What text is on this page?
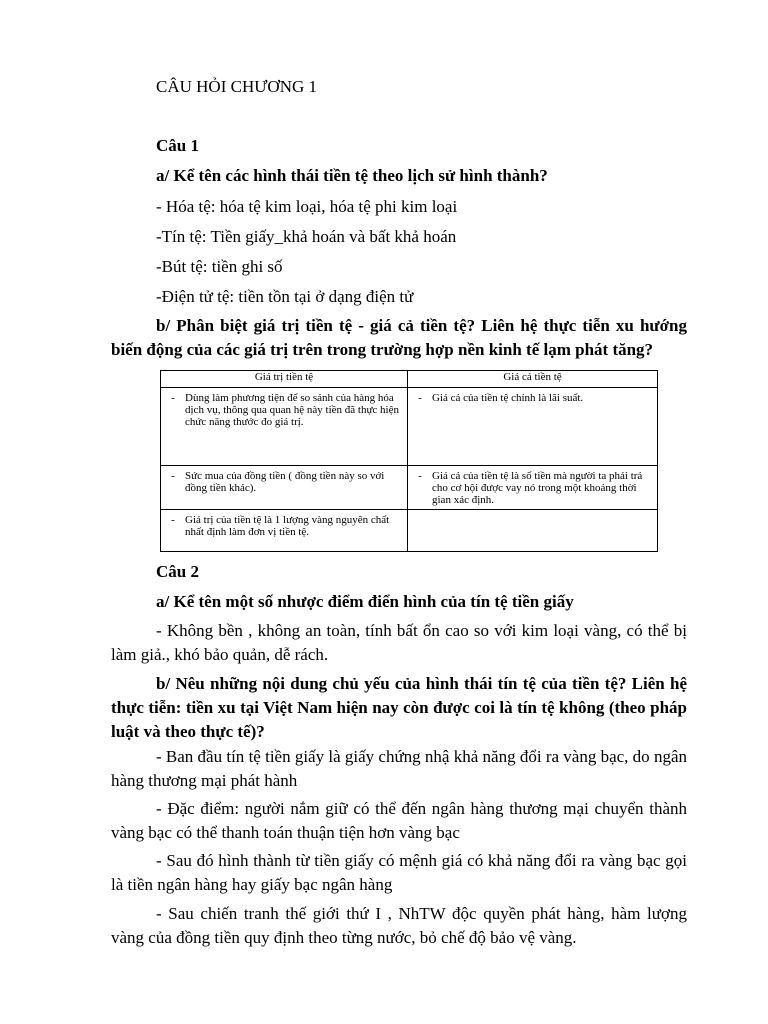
CÂU HỎI CHƯƠNG 1
Câu 1
a/ Kể tên các hình thái tiền tệ theo lịch sử hình thành?
- Hóa tệ: hóa tệ kim loại, hóa tệ phi kim loại
-Tín tệ: Tiền giấy_khả hoán và bất khả hoán
-Bút tệ: tiền ghi số
-Điện tử tệ: tiền tồn tại ở dạng điện tử
b/ Phân biệt giá trị tiền tệ - giá cả tiền tệ? Liên hệ thực tiễn xu hướng biến động của các giá trị trên trong trường hợp nền kinh tế lạm phát tăng?
Giá trị tiền tệ	Giá cả tiền tệ

- Dùng làm phương tiện để so sánh của hàng hóa dịch vụ, thông qua quan hệ này tiền đã thực hiện chức năng thước đo giá trị.	- Giá cả của tiền tệ chính là lãi suất.

- Sức mua của đồng tiền ( đồng tiền này so với đồng tiền khác).	- Giá cả của tiền tệ là số tiền mà người ta phải trả cho cơ hội được vay nó trong một khoảng thời gian xác định.

- Giá trị của tiền tệ là 1 lượng vàng nguyên chất nhất định làm đơn vị tiền tệ.	

Câu 2
a/ Kể tên một số nhược điểm điển hình của tín tệ tiền giấy
- Không bền , không an toàn, tính bất ổn cao so với kim loại vàng, có thể bị làm giả., khó bảo quản, dễ rách.
b/ Nêu những nội dung chủ yếu của hình thái tín tệ của tiền tệ? Liên hệ thực tiễn: tiền xu tại Việt Nam hiện nay còn được coi là tín tệ không (theo pháp luật và theo thực tế)?
- Ban đầu tín tệ tiền giấy là giấy chứng nhậ khả năng đổi ra vàng bạc, do ngân hàng thương mại phát hành
- Đặc điểm: người nắm giữ có thể đến ngân hàng thương mại chuyển thành vàng bạc có thể thanh toán thuận tiện hơn vàng bạc
- Sau đó hình thành từ tiền giấy có mệnh giá có khả năng đổi ra vàng bạc gọi là tiền ngân hàng hay giấy bạc ngân hàng
- Sau chiến tranh thế giới thứ I , NhTW độc quyền phát hàng, hàm lượng vàng của đồng tiền quy định theo từng nước, bỏ chế độ bảo vệ vàng.
